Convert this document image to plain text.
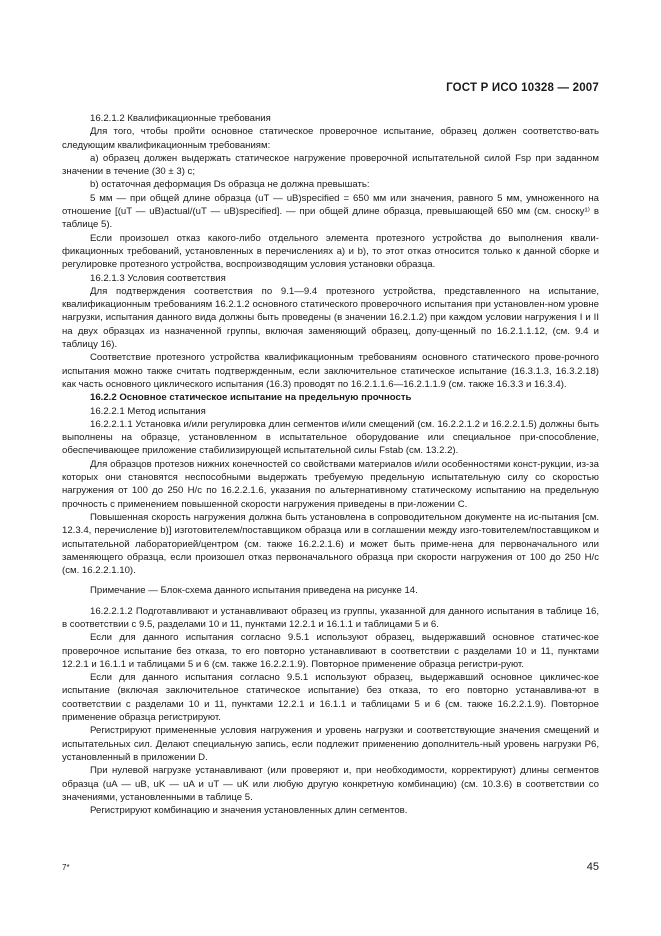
ГОСТ Р ИСО 10328 — 2007

16.2.1.2 Квалификационные требования

Для того, чтобы пройти основное статическое проверочное испытание, образец должен соответство-вать следующим квалификационным требованиям:

a) образец должен выдержать статическое нагружение проверочной испытательной силой Fsp при заданном значении в течение (30 ± 3) с;

b) остаточная деформация Ds образца не должна превышать:

5 мм — при общей длине образца (uT — uB)specified = 650 мм или значения, равного 5 мм, умноженного на отношение [(uT — uB)actual/(uT — uB)specified]. — при общей длине образца, превышающей 650 мм (см. сноску¹⁾ в таблице 5).

Если произошел отказ какого-либо отдельного элемента протезного устройства до выполнения квали-фикационных требований, установленных в перечислениях а) и b), то этот отказ относится только к данной сборке и регулировке протезного устройства, воспроизводящим условия установки образца.

16.2.1.3 Условия соответствия

Для подтверждения соответствия по 9.1—9.4 протезного устройства, представленного на испытание, квалификационным требованиям 16.2.1.2 основного статического проверочного испытания при установлен-ном уровне нагрузки, испытания данного вида должны быть проведены (в значении 16.2.1.2) при каждом условии нагружения I и II на двух образцах из назначенной группы, включая заменяющий образец, допу-щенный по 16.2.1.1.12, (см. 9.4 и таблицу 16).

Соответствие протезного устройства квалификационным требованиям основного статического прове-рочного испытания можно также считать подтвержденным, если заключительное статическое испытание (16.3.1.3, 16.3.2.18) как часть основного циклического испытания (16.3) проводят по 16.2.1.1.6—16.2.1.1.9 (см. также 16.3.3 и 16.3.4).

16.2.2 Основное статическое испытание на предельную прочность

16.2.2.1 Метод испытания

16.2.2.1.1 Установка и/или регулировка длин сегментов и/или смещений (см. 16.2.2.1.2 и 16.2.2.1.5) должны быть выполнены на образце, установленном в испытательное оборудование или специальное при-способление, обеспечивающее приложение стабилизирующей испытательной силы Fstab (см. 13.2.2).

Для образцов протезов нижних конечностей со свойствами материалов и/или особенностями конст-рукции, из-за которых они становятся неспособными выдержать требуемую предельную испытательную силу со скоростью нагружения от 100 до 250 Н/с по 16.2.2.1.6, указания по альтернативному статическому испытанию на предельную прочность с применением повышенной скорости нагружения приведены в при-ложении С.

Повышенная скорость нагружения должна быть установлена в сопроводительном документе на ис-пытания [см. 12.3.4, перечисление b)] изготовителем/поставщиком образца или в соглашении между изго-товителем/поставщиком и испытательной лабораторией/центром (см. также 16.2.2.1.6) и может быть приме-нена для первоначального или заменяющего образца, если произошел отказ первоначального образца при скорости нагружения от 100 до 250 Н/с (см. 16.2.2.1.10).

Примечание — Блок-схема данного испытания приведена на рисунке 14.

16.2.2.1.2 Подготавливают и устанавливают образец из группы, указанной для данного испытания в таблице 16, в соответствии с 9.5, разделами 10 и 11, пунктами 12.2.1 и 16.1.1 и таблицами 5 и 6.

Если для данного испытания согласно 9.5.1 используют образец, выдержавший основное статичес-кое проверочное испытание без отказа, то его повторно устанавливают в соответствии с разделами 10 и 11, пунктами 12.2.1 и 16.1.1 и таблицами 5 и 6 (см. также 16.2.2.1.9). Повторное применение образца регистри-руют.

Если для данного испытания согласно 9.5.1 используют образец, выдержавший основное цикличес-кое испытание (включая заключительное статическое испытание) без отказа, то его повторно устанавлива-ют в соответствии с разделами 10 и 11, пунктами 12.2.1 и 16.1.1 и таблицами 5 и 6 (см. также 16.2.2.1.9). Повторное применение образца регистрируют.

Регистрируют примененные условия нагружения и уровень нагрузки и соответствующие значения смещений и испытательных сил. Делают специальную запись, если подлежит применению дополнитель-ный уровень нагрузки P6, установленный в приложении D.

При нулевой нагрузке устанавливают (или проверяют и, при необходимости, корректируют) длины сегментов образца (uA — uB, uK — uA и uT — uK или любую другую конкретную комбинацию) (см. 10.3.6) в соответствии со значениями, установленными в таблице 5.

Регистрируют комбинацию и значения установленных длин сегментов.

7*	45
